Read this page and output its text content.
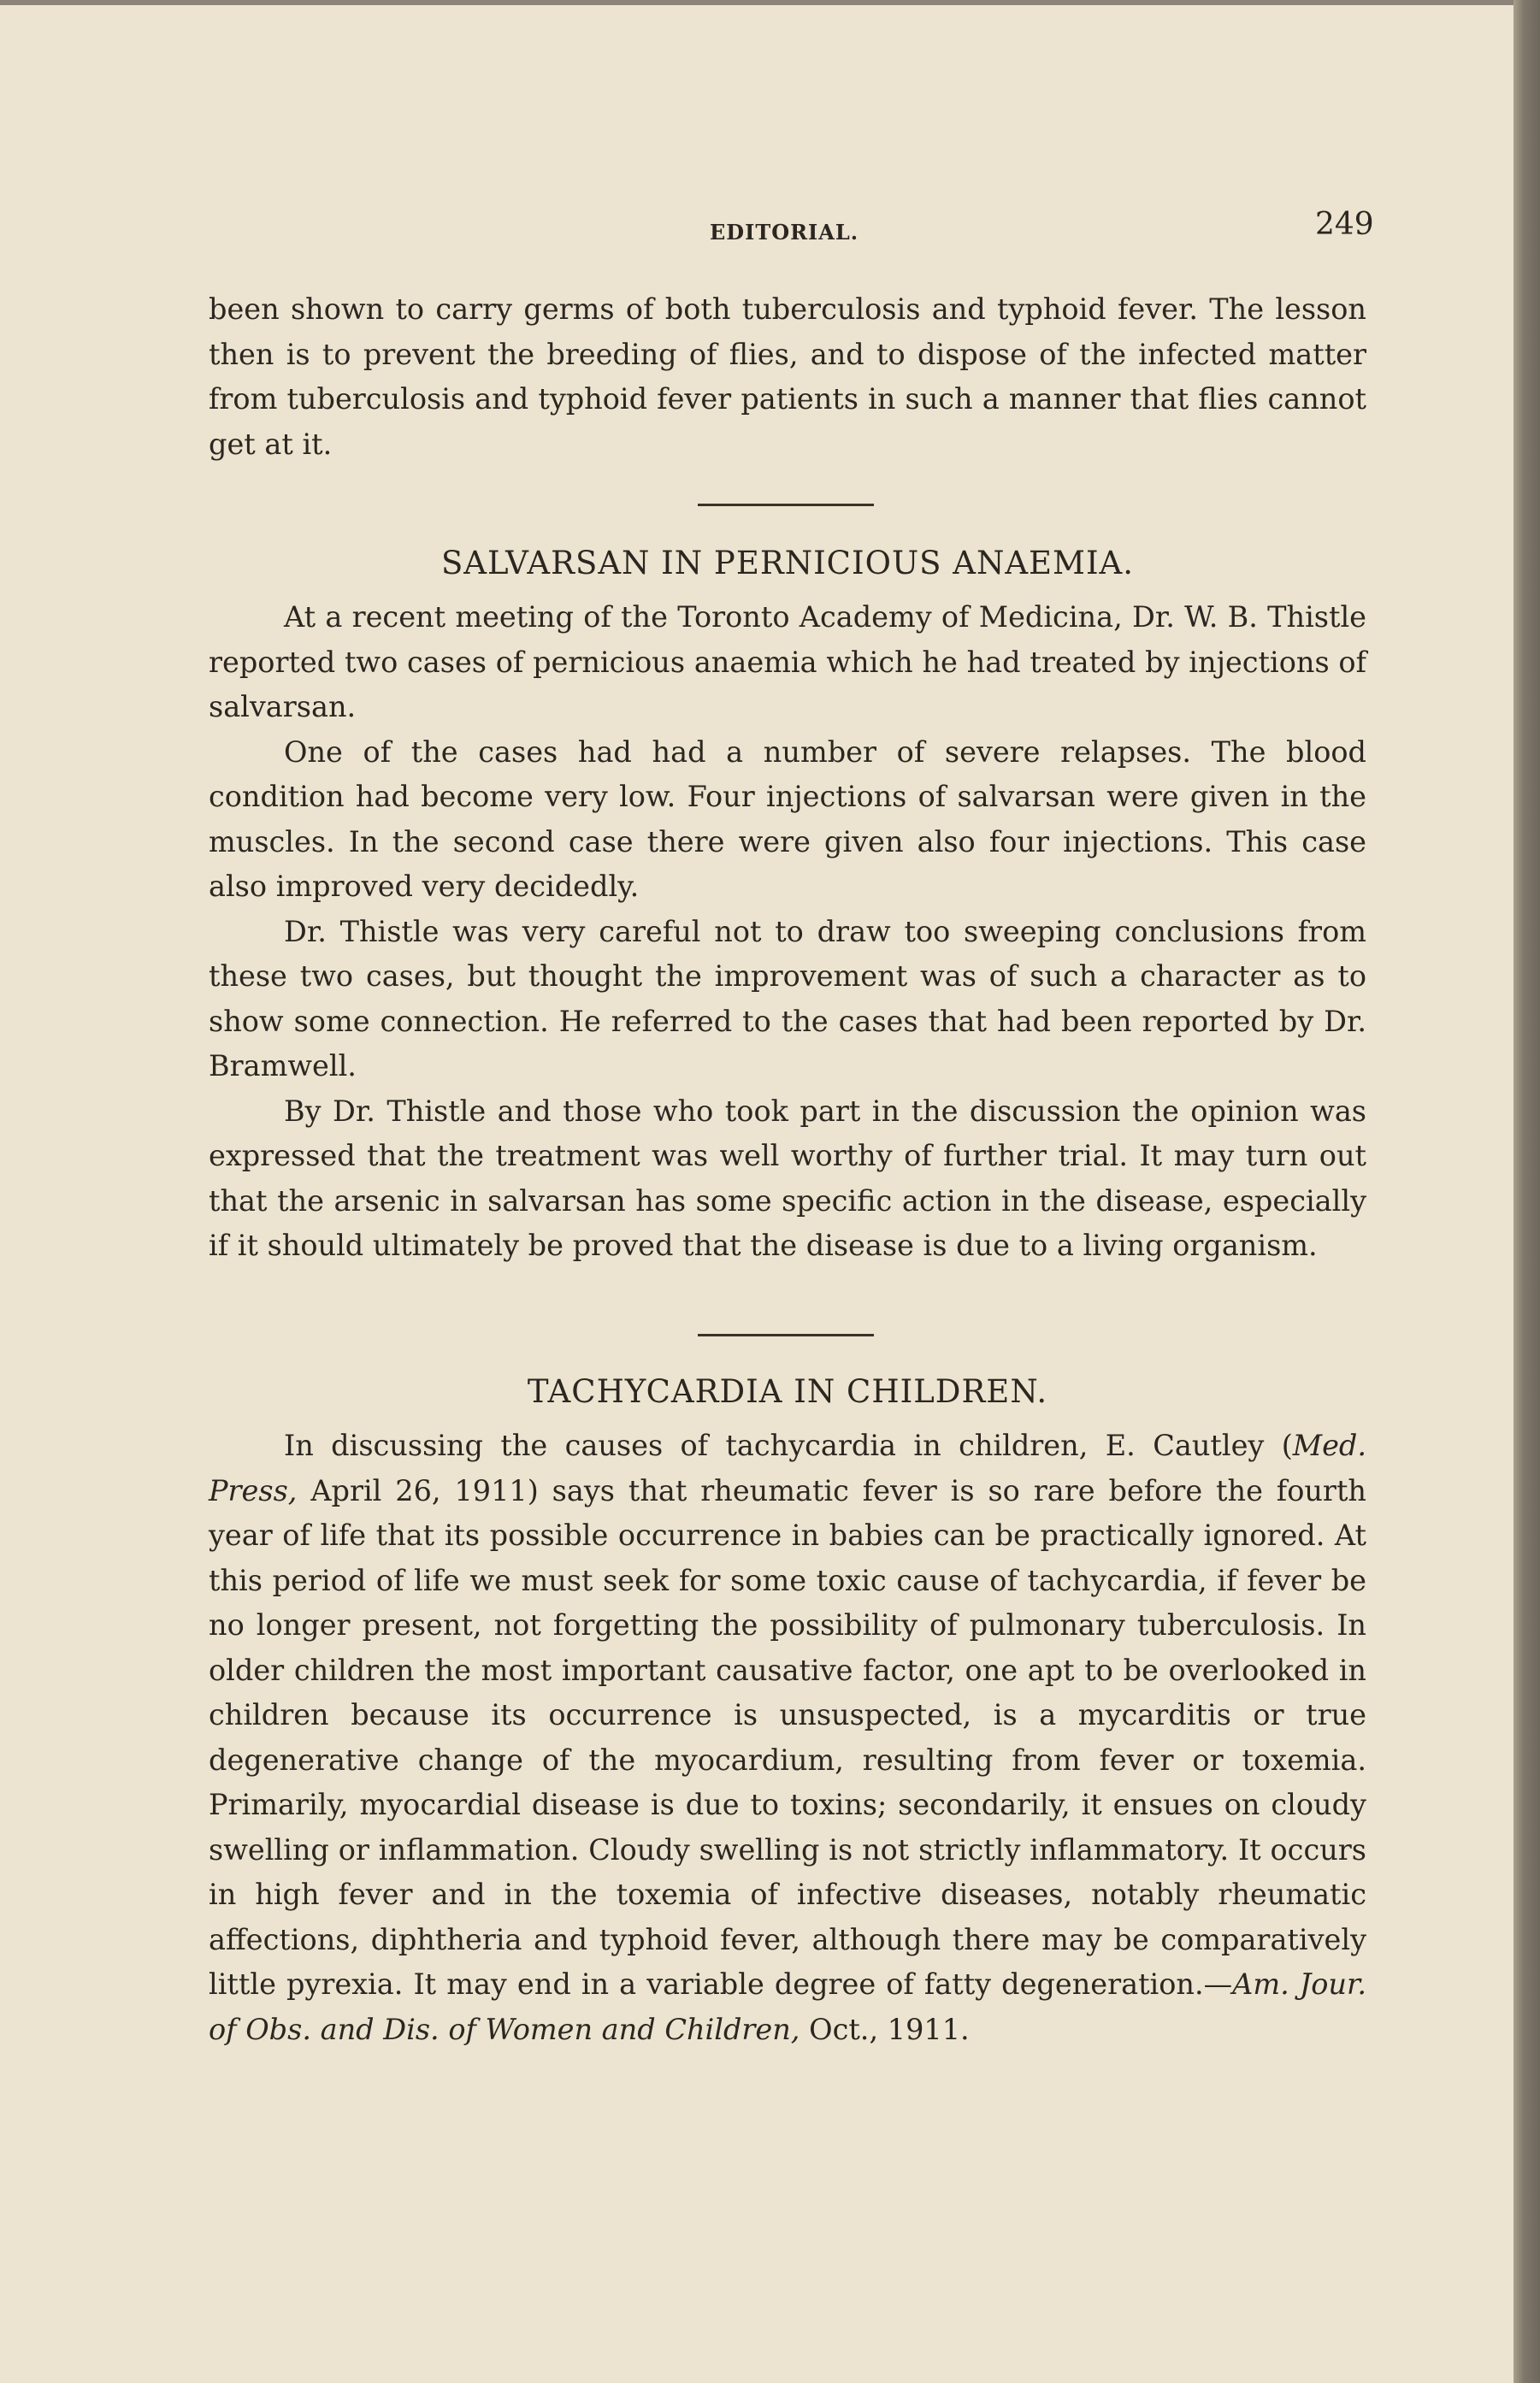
EDITORIAL.	249

been shown to carry germs of both tuberculosis and typhoid fever. The lesson then is to prevent the breeding of flies, and to dispose of the infected matter from tuberculosis and typhoid fever patients in such a manner that flies cannot get at it.

SALVARSAN IN PERNICIOUS ANAEMIA.

At a recent meeting of the Toronto Academy of Medicina, Dr. W. B. Thistle reported two cases of pernicious anaemia which he had treated by injections of salvarsan.

One of the cases had had a number of severe relapses. The blood condition had become very low. Four injections of salvarsan were given in the muscles. In the second case there were given also four injections. This case also improved very decidedly.

Dr. Thistle was very careful not to draw too sweeping conclusions from these two cases, but thought the improvement was of such a character as to show some connection. He referred to the cases that had been reported by Dr. Bramwell.

By Dr. Thistle and those who took part in the discussion the opinion was expressed that the treatment was well worthy of further trial. It may turn out that the arsenic in salvarsan has some specific action in the disease, especially if it should ultimately be proved that the disease is due to a living organism.

TACHYCARDIA IN CHILDREN.

In discussing the causes of tachycardia in children, E. Cautley (Med. Press, April 26, 1911) says that rheumatic fever is so rare before the fourth year of life that its possible occurrence in babies can be practically ignored. At this period of life we must seek for some toxic cause of tachycardia, if fever be no longer present, not forgetting the possibility of pulmonary tuberculosis. In older children the most important causative factor, one apt to be overlooked in children because its occurrence is unsuspected, is a mycarditis or true degenerative change of the myocardium, resulting from fever or toxemia. Primarily, myocardial disease is due to toxins; secondarily, it ensues on cloudy swelling or inflammation. Cloudy swelling is not strictly inflammatory. It occurs in high fever and in the toxemia of infective diseases, notably rheumatic affections, diphtheria and typhoid fever, although there may be comparatively little pyrexia. It may end in a variable degree of fatty degeneration.—Am. Jour. of Obs. and Dis. of Women and Children, Oct., 1911.
